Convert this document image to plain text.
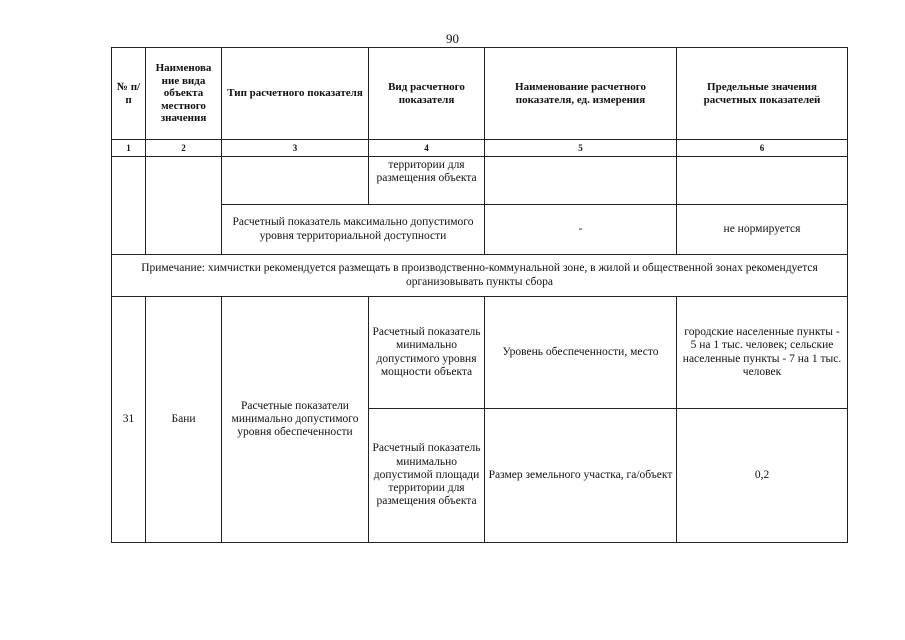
90
№ п/п	Наименова ние вида объекта местного значения	Тип расчетного показателя	Вид расчетного показателя	Наименование расчетного показателя, ед. измерения	Предельные значения расчетных показателей
1	2	3	4	5	6
			территории для размещения объекта		
		Расчетный показатель максимально допустимого уровня территориальной доступности		-	не нормируется
Примечание: химчистки рекомендуется размещать в производственно-коммунальной зоне, в жилой и общественной зонах рекомендуется организовывать пункты сбора					
31	Бани	Расчетные показатели минимально допустимого уровня обеспеченности	Расчетный показатель минимально допустимого уровня мощности объекта	Уровень обеспеченности, место	городские населенные пункты - 5 на 1 тыс. человек; сельские населенные пункты - 7 на 1 тыс. человек
			Расчетный показатель минимально допустимой площади территории для размещения объекта	Размер земельного участка, га/объект	0,2
